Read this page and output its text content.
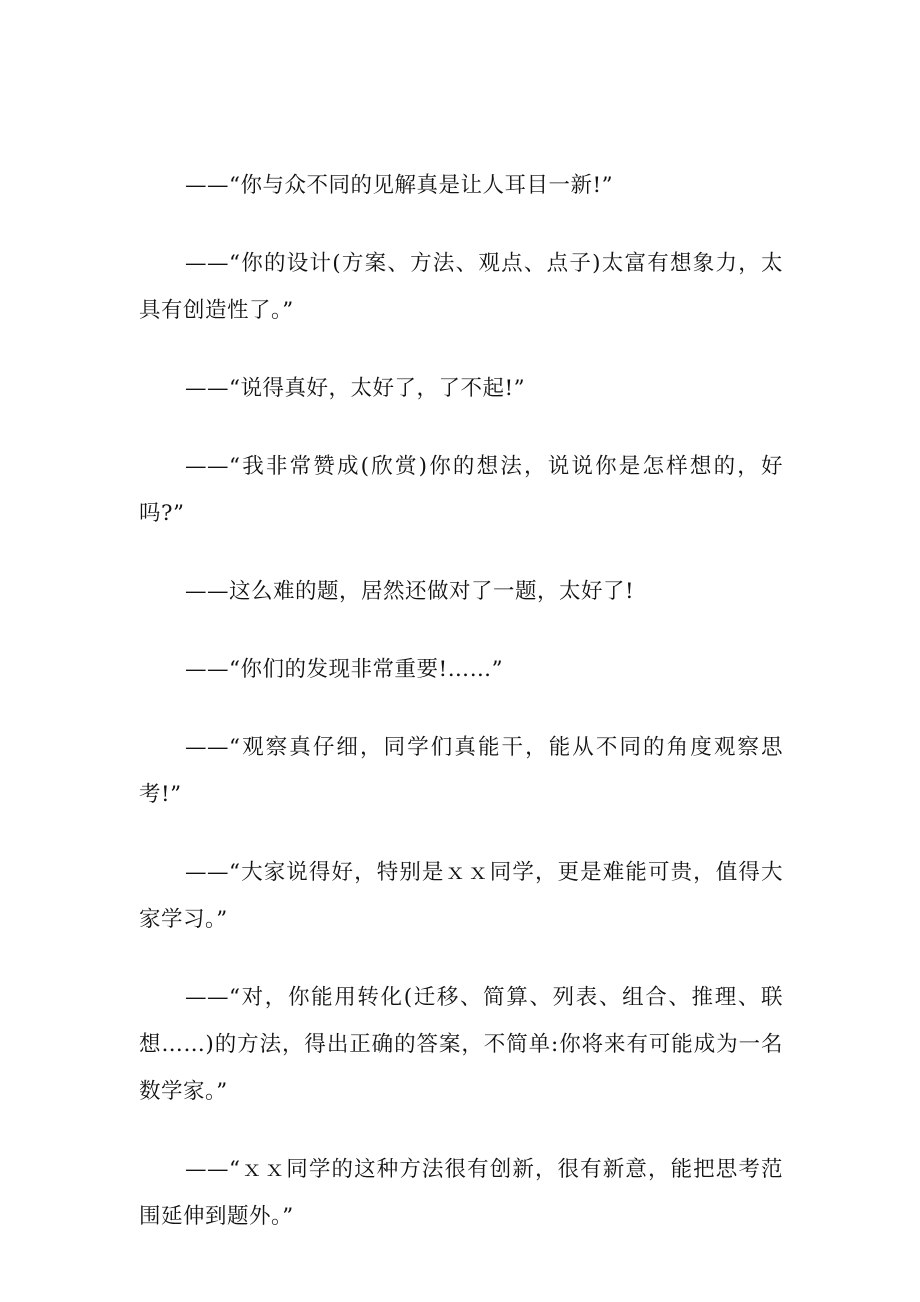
——“你与众不同的见解真是让人耳目一新!”

——“你的设计(方案、方法、观点、点子)太富有想象力，太具有创造性了。”

——“说得真好，太好了，了不起!”

——“我非常赞成(欣赏)你的想法，说说你是怎样想的，好吗?”

——这么难的题，居然还做对了一题，太好了!

——“你们的发现非常重要!……”

——“观察真仔细，同学们真能干，能从不同的角度观察思考!”

——“大家说得好，特别是ｘｘ同学，更是难能可贵，值得大家学习。”

——“对，你能用转化(迁移、简算、列表、组合、推理、联想……)的方法，得出正确的答案，不简单:你将来有可能成为一名数学家。”

——“ｘｘ同学的这种方法很有创新，很有新意，能把思考范围延伸到题外。”
